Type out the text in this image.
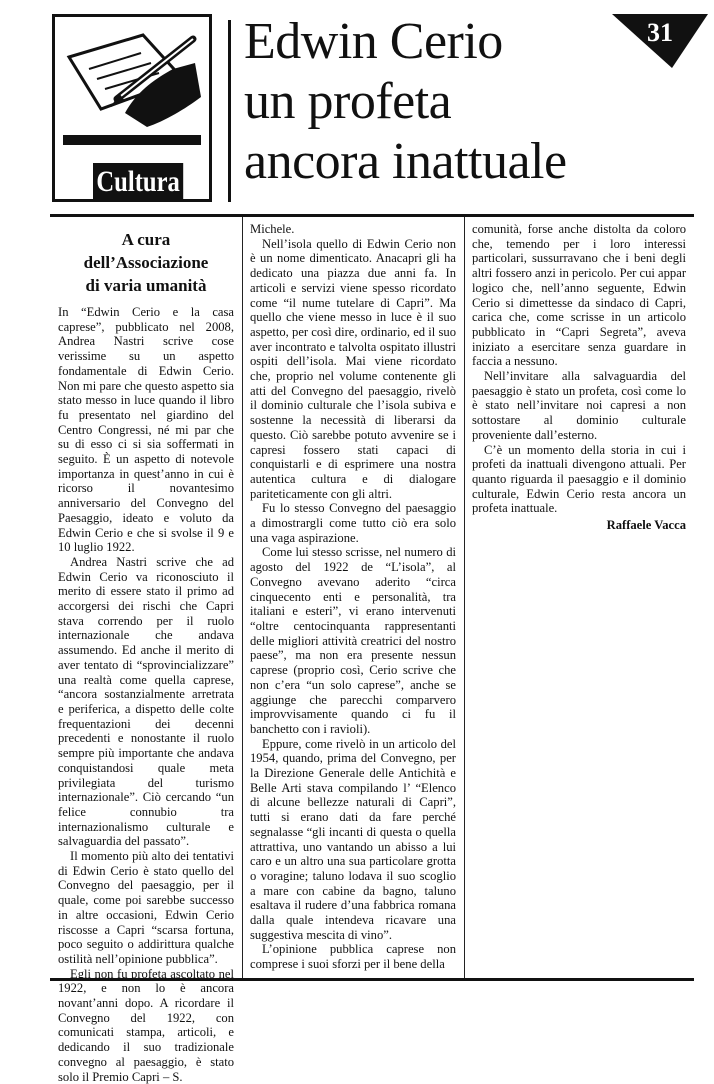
Cultura
Edwin Cerio
un profeta
ancora inattuale
31
A cura
dell’Associazione
di varia umanità

In “Edwin Cerio e la casa caprese”, pubblicato nel 2008, Andrea Nastri scrive cose verissime su un aspetto fondamentale di Edwin Cerio. Non mi pare che questo aspetto sia stato messo in luce quando il libro fu presentato nel giardino del Centro Congressi, né mi par che su di esso ci si sia soffermati in seguito. È un aspetto di notevole importanza in quest’anno in cui è ricorso il novantesimo anniversario del Convegno del Paesaggio, ideato e voluto da Edwin Cerio e che si svolse il 9 e 10 luglio 1922.

Andrea Nastri scrive che ad Edwin Cerio va riconosciuto il merito di essere stato il primo ad accorgersi dei rischi che Capri stava correndo per il ruolo internazionale che andava assumendo. Ed anche il merito di aver tentato di “sprovincializzare” una realtà come quella caprese, “ancora sostanzialmente arretrata e periferica, a dispetto delle colte frequentazioni dei decenni precedenti e nonostante il ruolo sempre più importante che andava conquistandosi quale meta privilegiata del turismo internazionale”. Ciò cercando “un felice connubio tra internazionalismo culturale e salvaguardia del passato”.

Il momento più alto dei tentativi di Edwin Cerio è stato quello del Convegno del paesaggio, per il quale, come poi sarebbe successo in altre occasioni, Edwin Cerio riscosse a Capri “scarsa fortuna, poco seguito o addirittura qualche ostilità nell’opinione pubblica”.

Egli non fu profeta ascoltato nel 1922, e non lo è ancora novant’anni dopo. A ricordare il Convegno del 1922, con comunicati stampa, articoli, e dedicando il suo tradizionale convegno al paesaggio, è stato solo il Premio Capri – S.

Michele.

Nell’isola quello di Edwin Cerio non è un nome dimenticato. Anacapri gli ha dedicato una piazza due anni fa. In articoli e servizi viene spesso ricordato come “il nume tutelare di Capri”. Ma quello che viene messo in luce è il suo aspetto, per così dire, ordinario, ed il suo aver incontrato e talvolta ospitato illustri ospiti dell’isola. Mai viene ricordato che, proprio nel volume contenente gli atti del Convegno del paesaggio, rivelò il dominio culturale che l’isola subiva e sostenne la necessità di liberarsi da questo. Ciò sarebbe potuto avvenire se i capresi fossero stati capaci di conquistarli e di esprimere una nostra autentica cultura e di dialogare pariteticamente con gli altri.

Fu lo stesso Convegno del paesaggio a dimostrargli come tutto ciò era solo una vaga aspirazione.

Come lui stesso scrisse, nel numero di agosto del 1922 de “L’isola”, al Convegno avevano aderito “circa cinquecento enti e personalità, tra italiani e esteri”, vi erano intervenuti “oltre centocinquanta rappresentanti delle migliori attività creatrici del nostro paese”, ma non era presente nessun caprese (proprio così, Cerio scrive che non c’era “un solo caprese”, anche se aggiunge che parecchi comparvero improvvisamente quando ci fu il banchetto con i ravioli).

Eppure, come rivelò in un articolo del 1954, quando, prima del Convegno, per la Direzione Generale delle Antichità e Belle Arti stava compilando l’ “Elenco di alcune bellezze naturali di Capri”, tutti si erano dati da fare perché segnalasse “gli incanti di questa o quella attrattiva, uno vantando un abisso a lui caro e un altro una sua particolare grotta o voragine; taluno lodava il suo scoglio a mare con cabine da bagno, taluno esaltava il rudere d’una fabbrica romana dalla quale intendeva ricavare una suggestiva mescita di vino”.

L’opinione pubblica caprese non comprese i suoi sforzi per il bene della

comunità, forse anche distolta da coloro che, temendo per i loro interessi particolari, sussurravano che i beni degli altri fossero anzi in pericolo. Per cui appar logico che, nell’anno seguente, Edwin Cerio si dimettesse da sindaco di Capri, carica che, come scrisse in un articolo pubblicato in “Capri Segreta”, aveva iniziato a esercitare senza guardare in faccia a nessuno.

Nell’invitare alla salvaguardia del paesaggio è stato un profeta, così come lo è stato nell’invitare noi capresi a non sottostare al dominio culturale proveniente dall’esterno.

C’è un momento della storia in cui i profeti da inattuali divengono attuali. Per quanto riguarda il paesaggio e il dominio culturale, Edwin Cerio resta ancora un profeta inattuale.

Raffaele Vacca
